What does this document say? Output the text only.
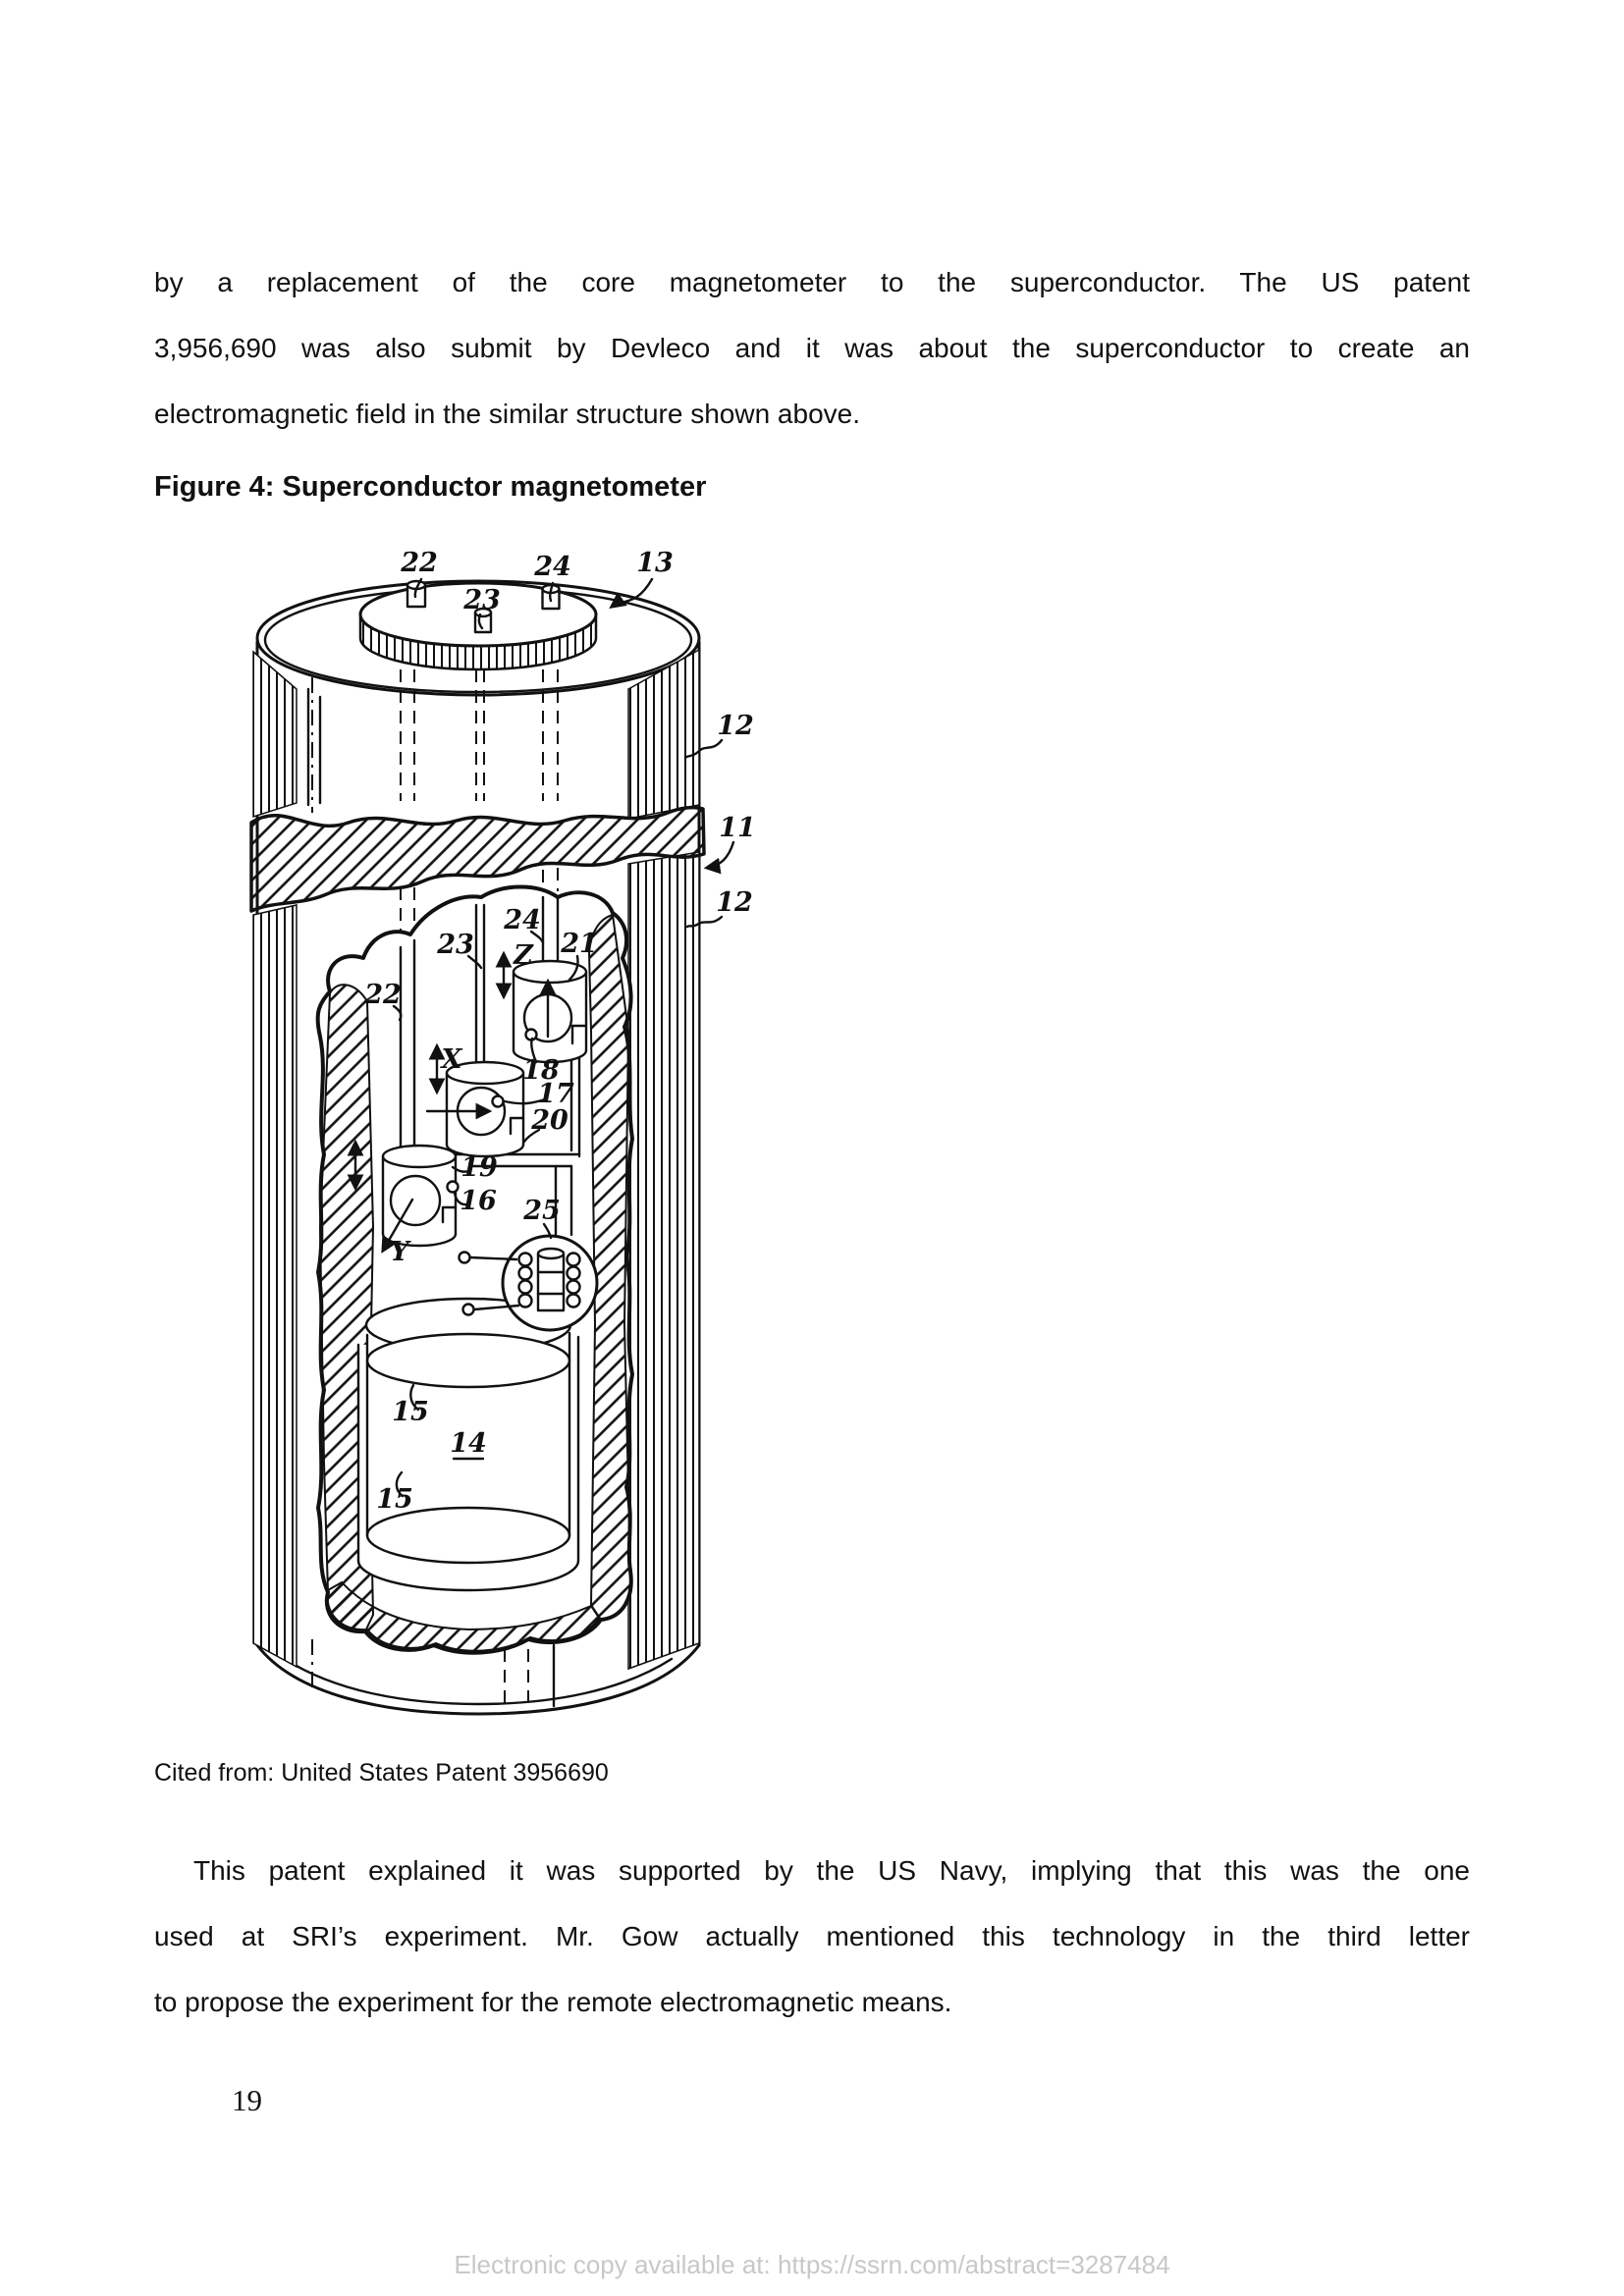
by a replacement of the core magnetometer to the superconductor. The US patent
3,956,690 was also submit by Devleco and it was about the superconductor to create an
electromagnetic field in the similar structure shown above.
Figure 4: Superconductor magnetometer
22	24 13
23
12
11
12
23
24
21
Z
22
X 18
17
20
19
16 25
Y
15
14
15
Cited from: United States Patent 3956690
This patent explained it was supported by the US Navy, implying that this was the one
used at SRI’s experiment. Mr. Gow actually mentioned this technology in the third letter
to propose the experiment for the remote electromagnetic means.
19
Electronic copy available at: https://ssrn.com/abstract=3287484
